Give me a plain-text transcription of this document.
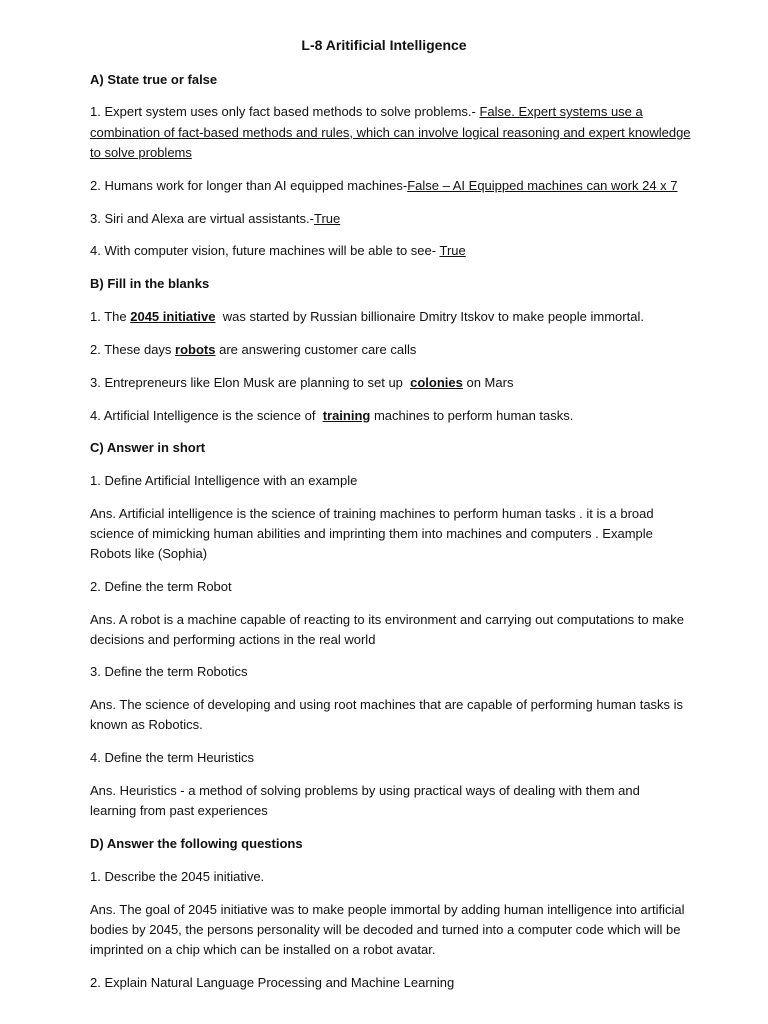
L-8 Aritificial Intelligence
A) State true or false
1. Expert system uses only fact based methods to solve problems.- False. Expert systems use a
combination of fact-based methods and rules, which can involve logical reasoning and expert knowledge
to solve problems
2. Humans work for longer than AI equipped machines-False – AI Equipped machines can work 24 x 7
3. Siri and Alexa are virtual assistants.-True
4. With computer vision, future machines will be able to see- True
B) Fill in the blanks
1. The 2045 initiative  was started by Russian billionaire Dmitry Itskov to make people immortal.
2. These days robots are answering customer care calls
3. Entrepreneurs like Elon Musk are planning to set up  colonies on Mars
4. Artificial Intelligence is the science of  training machines to perform human tasks.
C) Answer in short
1. Define Artificial Intelligence with an example
Ans. Artificial intelligence is the science of training machines to perform human tasks . it is a broad science of mimicking human abilities and imprinting them into machines and computers . Example Robots like (Sophia)
2. Define the term Robot
Ans. A robot is a machine capable of reacting to its environment and carrying out computations to make decisions and performing actions in the real world
3. Define the term Robotics
Ans. The science of developing and using root machines that are capable of performing human tasks is known as Robotics.
4. Define the term Heuristics
Ans. Heuristics - a method of solving problems by using practical ways of dealing with them and learning from past experiences
D) Answer the following questions
1. Describe the 2045 initiative.
Ans. The goal of 2045 initiative was to make people immortal by adding human intelligence into artificial bodies by 2045, the persons personality will be decoded and turned into a computer code which will be imprinted on a chip which can be installed on a robot avatar.
2. Explain Natural Language Processing and Machine Learning
